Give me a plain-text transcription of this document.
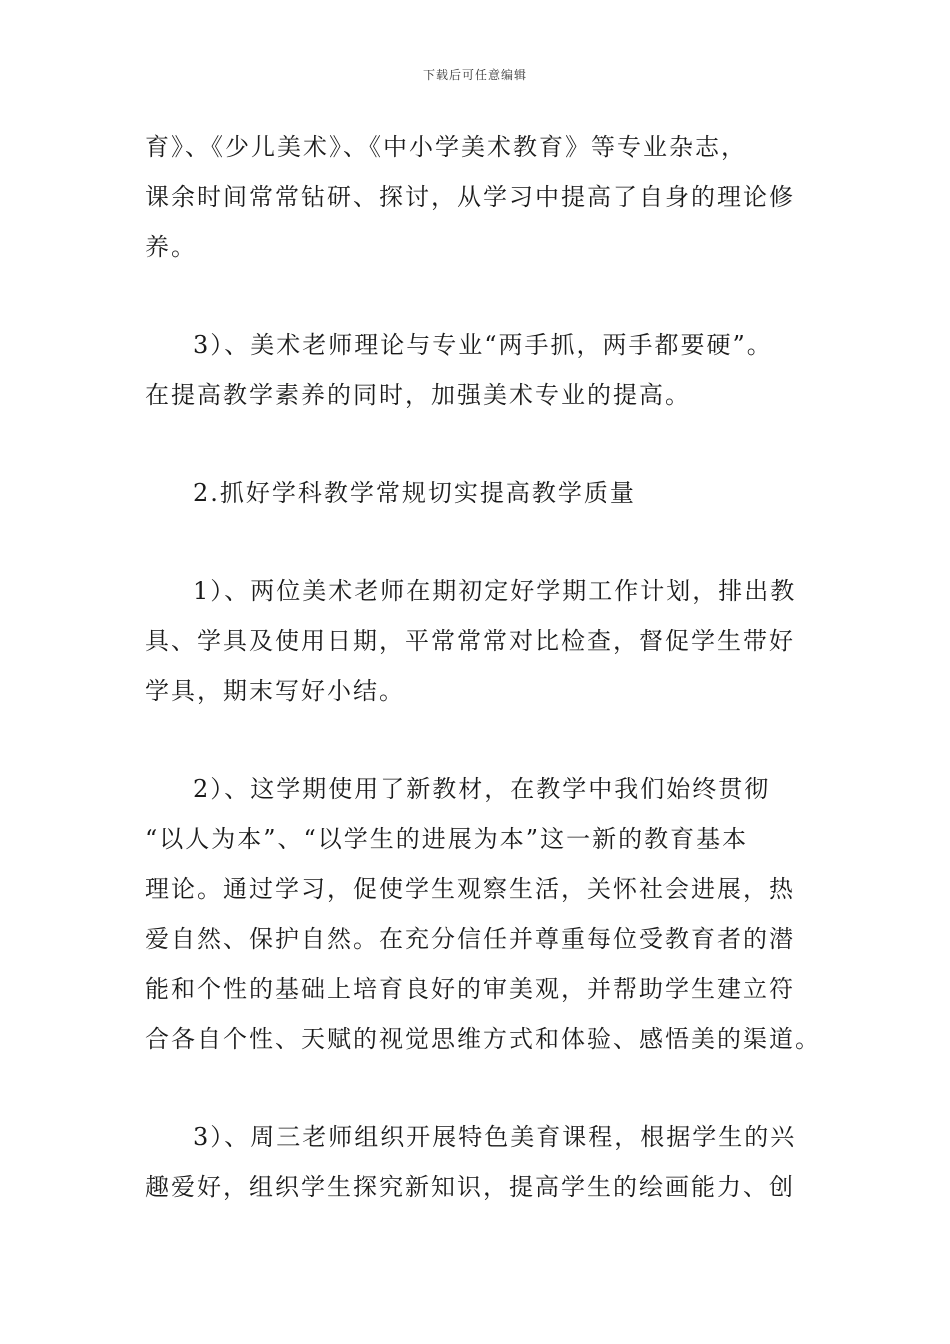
下载后可任意编辑
育》、《少儿美术》、《中小学美术教育》等专业杂志，
课余时间常常钻研、探讨，从学习中提高了自身的理论修
养。
3）、美术老师理论与专业“两手抓，两手都要硬”。
在提高教学素养的同时，加强美术专业的提高。
2.抓好学科教学常规切实提高教学质量
1）、两位美术老师在期初定好学期工作计划，排出教
具、学具及使用日期，平常常常对比检查，督促学生带好
学具，期末写好小结。
2）、这学期使用了新教材，在教学中我们始终贯彻
“以人为本”、“以学生的进展为本”这一新的教育基本
理论。通过学习，促使学生观察生活，关怀社会进展，热
爱自然、保护自然。在充分信任并尊重每位受教育者的潜
能和个性的基础上培育良好的审美观，并帮助学生建立符
合各自个性、天赋的视觉思维方式和体验、感悟美的渠道。
3）、周三老师组织开展特色美育课程，根据学生的兴
趣爱好，组织学生探究新知识，提高学生的绘画能力、创
